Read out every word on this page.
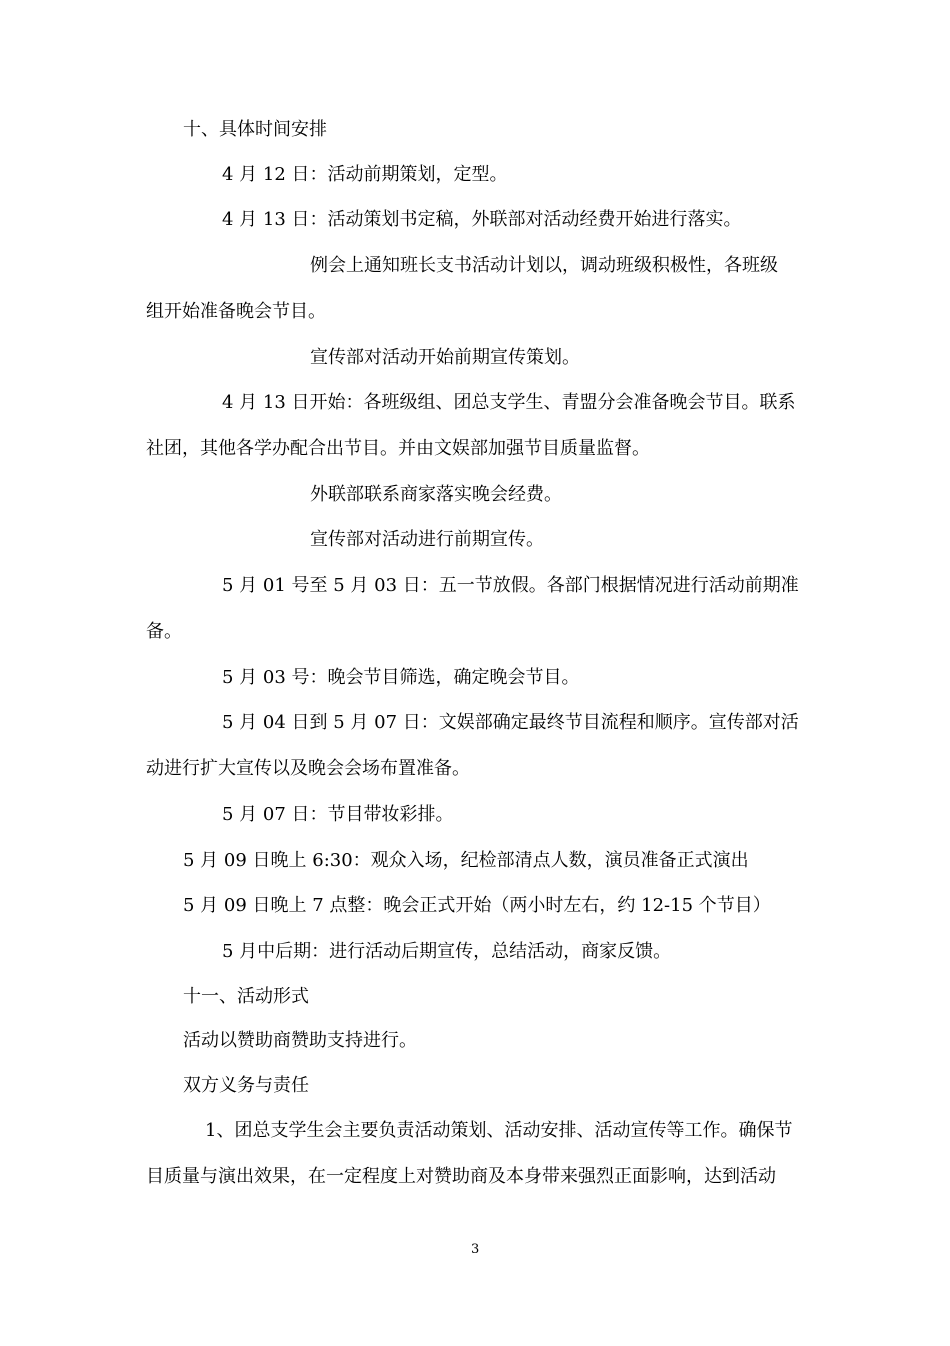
十、具体时间安排
4 月 12 日：活动前期策划，定型。
4 月 13 日：活动策划书定稿，外联部对活动经费开始进行落实。
例会上通知班长支书活动计划以，调动班级积极性，各班级
组开始准备晚会节目。
宣传部对活动开始前期宣传策划。
4 月 13 日开始：各班级组、团总支学生、青盟分会准备晚会节目。联系
社团，其他各学办配合出节目。并由文娱部加强节目质量监督。
外联部联系商家落实晚会经费。
宣传部对活动进行前期宣传。
5 月 01 号至 5 月 03 日：五一节放假。各部门根据情况进行活动前期准
备。
5 月 03 号：晚会节目筛选，确定晚会节目。
5 月 04 日到 5 月 07 日：文娱部确定最终节目流程和顺序。宣传部对活
动进行扩大宣传以及晚会会场布置准备。
5 月 07 日：节目带妆彩排。
5 月 09 日晚上 6:30：观众入场，纪检部清点人数，演员准备正式演出
5 月 09 日晚上 7 点整：晚会正式开始（两小时左右，约 12-15 个节目）
5 月中后期：进行活动后期宣传，总结活动，商家反馈。
十一、活动形式
活动以赞助商赞助支持进行。
双方义务与责任
1、团总支学生会主要负责活动策划、活动安排、活动宣传等工作。确保节
目质量与演出效果，在一定程度上对赞助商及本身带来强烈正面影响，达到活动
3
